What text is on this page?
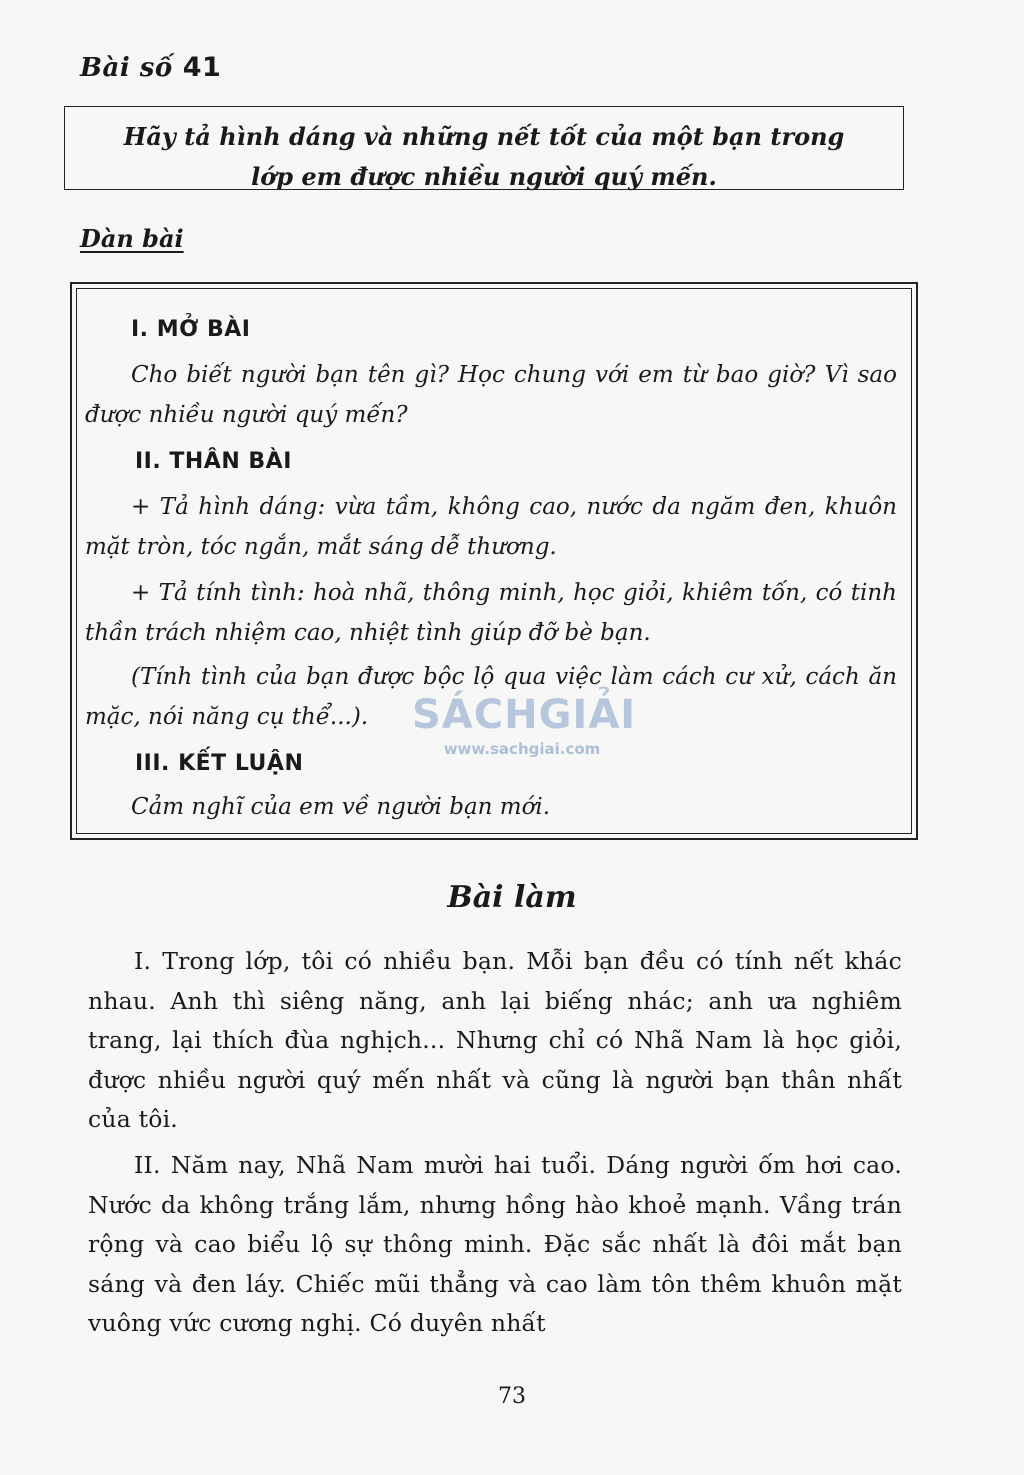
Bài số 41

Hãy tả hình dáng và những nết tốt của một bạn trong

lớp em được nhiều người quý mến.

Dàn bài
I. MỞ BÀI
Cho biết người bạn tên gì? Học chung với em từ bao giờ? Vì sao được nhiều người quý mến?
II. THÂN BÀI
+ Tả hình dáng: vừa tầm, không cao, nước da ngăm đen, khuôn mặt tròn, tóc ngắn, mắt sáng dễ thương.
+ Tả tính tình: hoà nhã, thông minh, học giỏi, khiêm tốn, có tinh thần trách nhiệm cao, nhiệt tình giúp đỡ bè bạn.
(Tính tình của bạn được bộc lộ qua việc làm cách cư xử, cách ăn mặc, nói năng cụ thể...).
III. KẾT LUẬN
Cảm nghĩ của em về người bạn mới.
SÁCHGIẢI
www.sachgiai.com
Bài làm

I. Trong lớp, tôi có nhiều bạn. Mỗi bạn đều có tính nết khác nhau. Anh thì siêng năng, anh lại biếng nhác; anh ưa nghiêm trang, lại thích đùa nghịch... Nhưng chỉ có Nhã Nam là học giỏi, được nhiều người quý mến nhất và cũng là người bạn thân nhất của tôi.

II. Năm nay, Nhã Nam mười hai tuổi. Dáng người ốm hơi cao. Nước da không trắng lắm, nhưng hồng hào khoẻ mạnh. Vầng trán rộng và cao biểu lộ sự thông minh. Đặc sắc nhất là đôi mắt bạn sáng và đen láy. Chiếc mũi thẳng và cao làm tôn thêm khuôn mặt vuông vức cương nghị. Có duyên nhất

73
